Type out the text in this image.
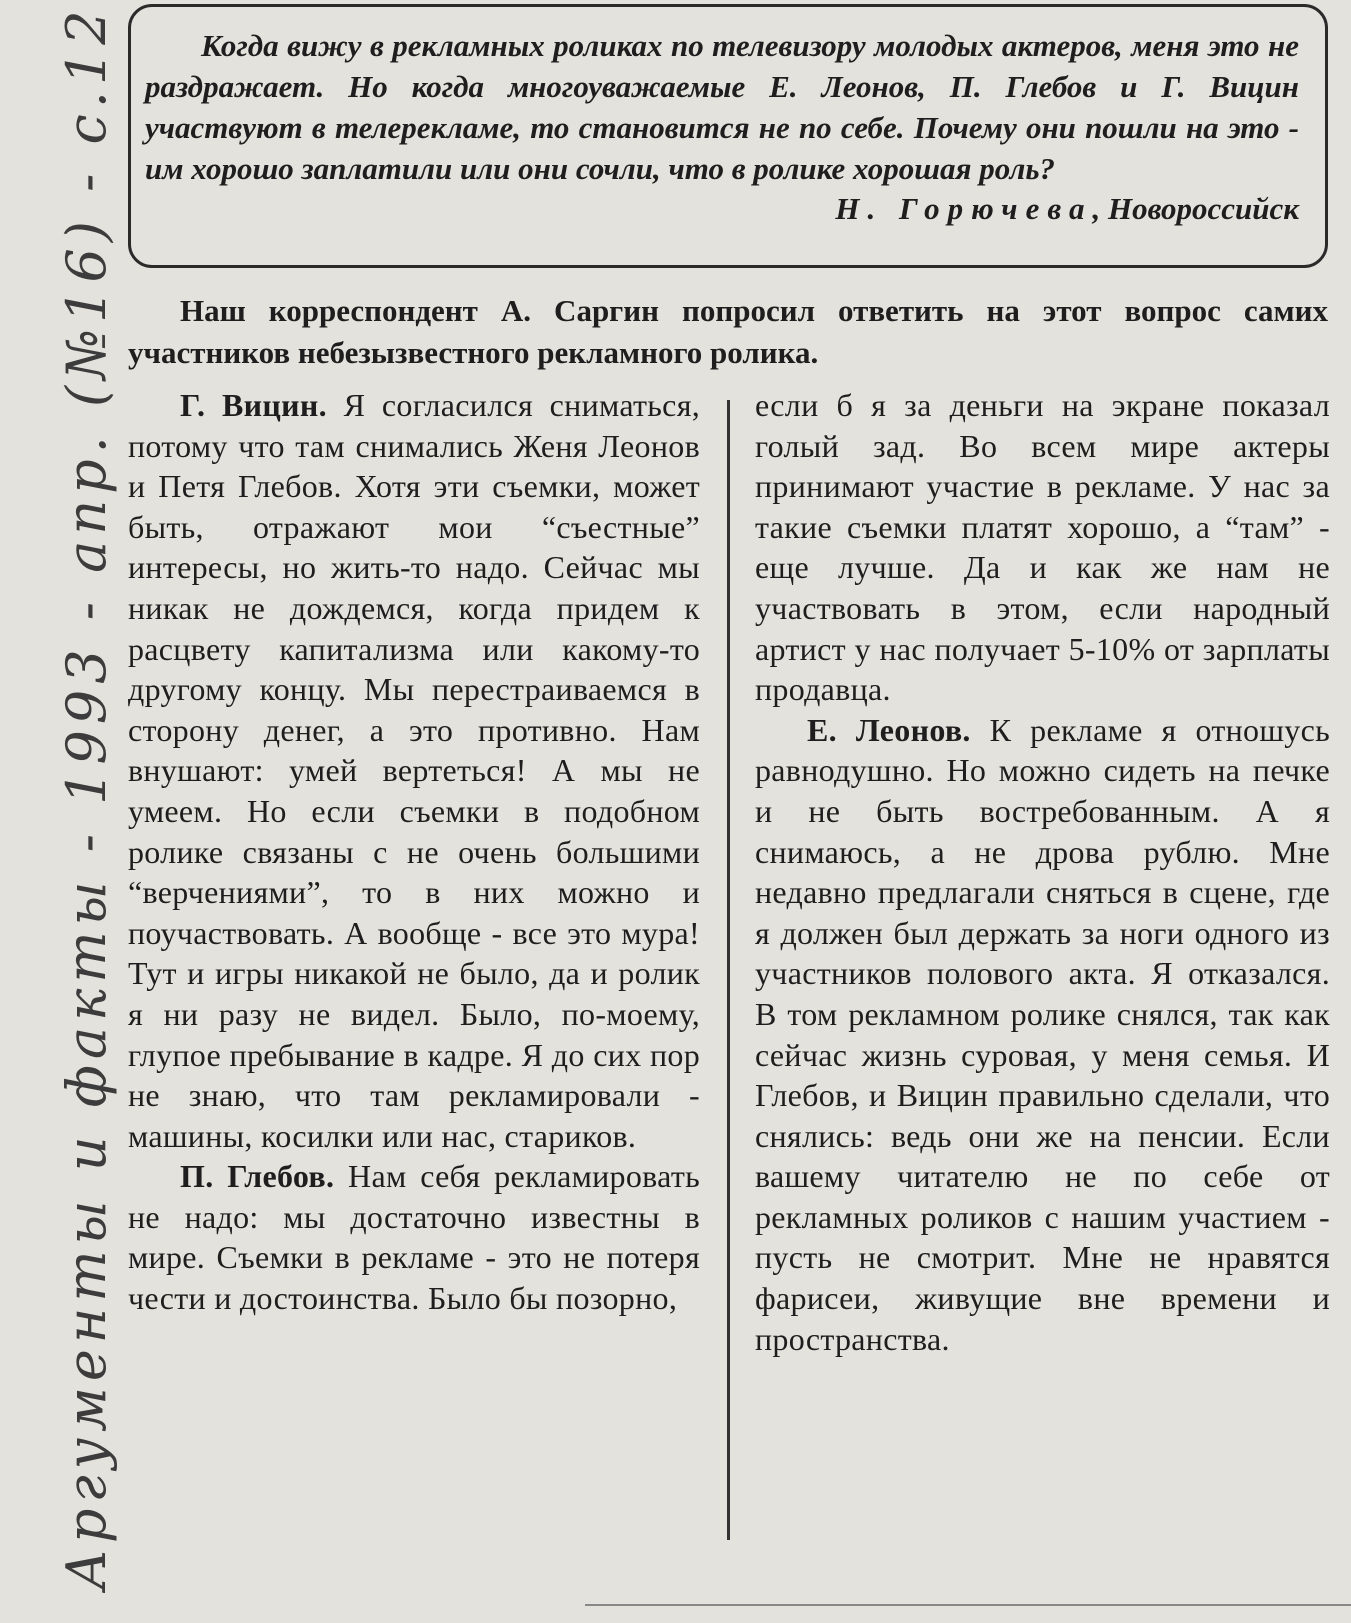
Аргументы и факты - 1993 - апр. (№16) - с.12	Когда вижу в рекламных роликах по телевизору молодых актеров, меня это не раздражает. Но когда многоуважаемые Е. Леонов, П. Глебов и Г. Вицин участвуют в телерекламе, то становится не по себе. Почему они пошли на это - им хорошо заплатили или они сочли, что в ролике хорошая роль?

Н. Горючева, Новороссийск

Наш корреспондент А. Саргин попросил ответить на этот вопрос самих участников небезызвестного рекламного ролика.

Г. Вицин. Я согласился сниматься, потому что там снимались Женя Леонов и Петя Глебов. Хотя эти съемки, может быть, отражают мои “съестные” интересы, но жить-то надо. Сейчас мы никак не дождемся, когда придем к расцвету капитализма или какому-то другому концу. Мы перестраиваемся в сторону денег, а это противно. Нам внушают: умей вертеться! А мы не умеем. Но если съемки в подобном ролике связаны с не очень большими “верчениями”, то в них можно и поучаствовать. А вообще - все это мура! Тут и игры никакой не было, да и ролик я ни разу не видел. Было, по-моему, глупое пребывание в кадре. Я до сих пор не знаю, что там рекламировали - машины, косилки или нас, стариков.

П. Глебов. Нам себя рекламировать не надо: мы достаточно известны в мире. Съемки в рекламе - это не потеря чести и достоинства. Было бы позорно,

если б я за деньги на экране показал голый зад. Во всем мире актеры принимают участие в рекламе. У нас за такие съемки платят хорошо, а “там” - еще лучше. Да и как же нам не участвовать в этом, если народный артист у нас получает 5-10% от зарплаты продавца.

Е. Леонов. К рекламе я отношусь равнодушно. Но можно сидеть на печке и не быть востребованным. А я снимаюсь, а не дрова рублю. Мне недавно предлагали сняться в сцене, где я должен был держать за ноги одного из участников полового акта. Я отказался. В том рекламном ролике снялся, так как сейчас жизнь суровая, у меня семья. И Глебов, и Вицин правильно сделали, что снялись: ведь они же на пенсии. Если вашему читателю не по себе от рекламных роликов с нашим участием - пусть не смотрит. Мне не нравятся фарисеи, живущие вне времени и пространства.
